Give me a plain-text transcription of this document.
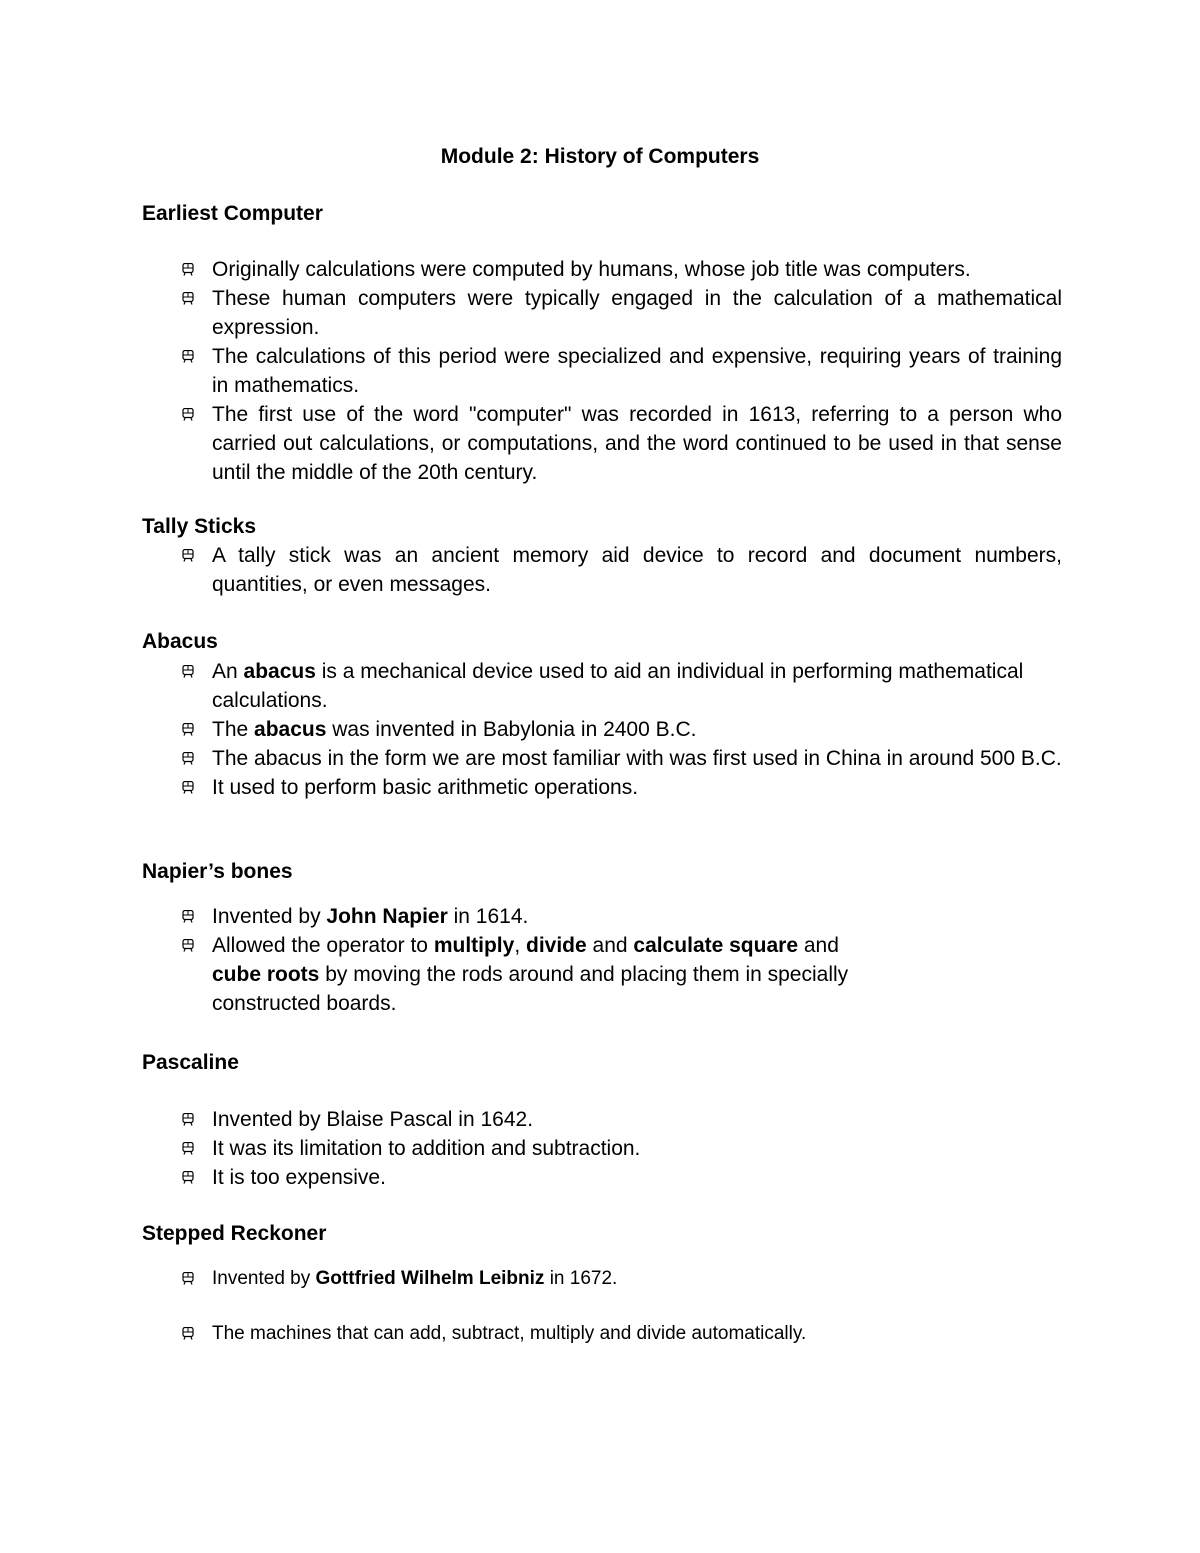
Module 2: History of Computers
Earliest Computer
Originally calculations were computed by humans, whose job title was computers.
These human computers were typically engaged in the calculation of a mathematical expression.
The calculations of this period were specialized and expensive, requiring years of training in mathematics.
The first use of the word "computer" was recorded in 1613, referring to a person who carried out calculations, or computations, and the word continued to be used in that sense until the middle of the 20th century.
Tally Sticks
A tally stick was an ancient memory aid device to record and document numbers, quantities, or even messages.
Abacus
An abacus is a mechanical device used to aid an individual in performing mathematical calculations.
The abacus was invented in Babylonia in 2400 B.C.
The abacus in the form we are most familiar with was first used in China in around 500 B.C.
It used to perform basic arithmetic operations.
Napier’s bones
Invented by John Napier in 1614.
Allowed the operator to multiply, divide and calculate square and
cube roots by moving the rods around and placing them in specially
constructed boards.
Pascaline
Invented by Blaise Pascal in 1642.
It was its limitation to addition and subtraction.
It is too expensive.
Stepped Reckoner
Invented by Gottfried Wilhelm Leibniz in 1672.
The machines that can add, subtract, multiply and divide automatically.
